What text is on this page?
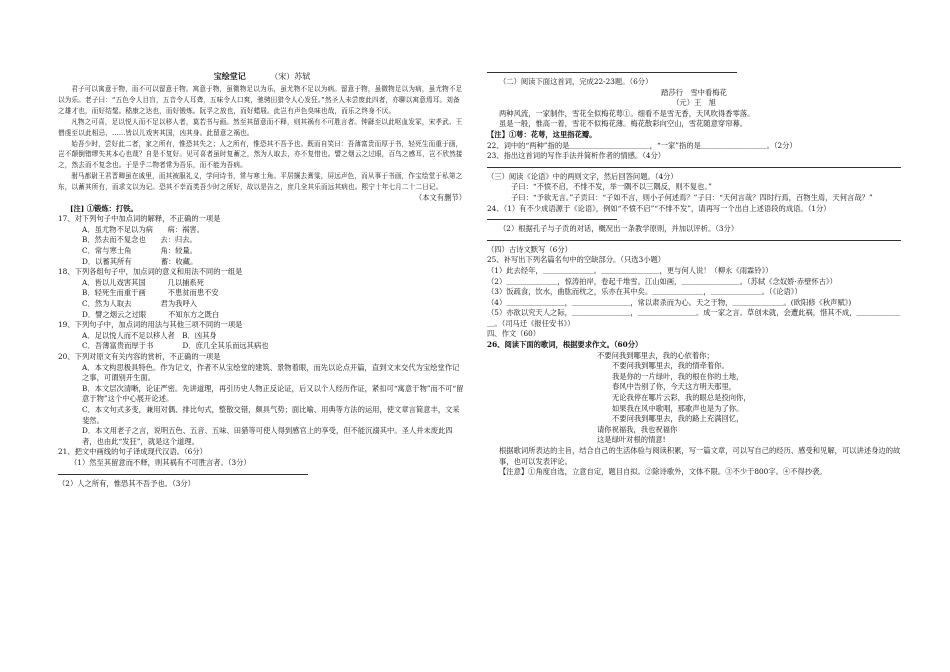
宝绘堂记	（宋）苏轼

君子可以寓意于物，而不可以留意于物。寓意于物，虽微物足以为乐，虽尤物不足以为病。留意于物，虽微物足以为病，虽尤物不足以为乐。老子曰：“五色令人目盲，五音令人耳聋，五味令人口爽，驰骋田猎令人心发狂。”然圣人未尝废此四者，亦聊以寓意焉耳。刘备之雄才也，而好结髦。嵇康之达也，而好锻炼。阮孚之放也，而好蜡屐。此岂有声色臭味也哉，而乐之终身不厌。

凡物之可喜，足以悦人而不足以移人者，莫若书与画。然至其留意而不释，则其祸有不可胜言者。钟繇至以此呕血发冢，宋孝武、王僧虔至以此相忌，……皆以儿戏害其国，凶其身。此留意之祸也。

始吾少时，尝好此二者，家之所有，惟恐其失之；人之所有，惟恐其不吾予也。既而自笑曰：吾薄富贵而厚于书，轻死生而重于画，岂不颠倒错缪失其本心也哉？自是不复好。见可喜者虽时复蓄之，然为人取去，亦不复惜也。譬之烟云之过眼，百鸟之感耳，岂不欣然接之，然去而不复念也。于是乎二物者常为吾乐，而不能为吾病。

驸马都尉王君晋卿虽在戚里，而其被服礼义，学问诗书，常与寒士角。平居攘去膏粱，屏远声色，而从事于书画，作宝绘堂于私第之东，以蓄其所有，而求文以为记。恐其不幸而类吾少时之所好，故以是告之，庶几全其乐而远其病也。熙宁十年七月二十二日记。

（本文有删节）

[注] ①锻炼：打铁。

17、对下列句子中加点词的解释，不正确的一项是

A．虽尤物不足以为病　　病：祸害。

B．然去而不复念也　　去：归去。

C．常与寒士角　　　　角：较量。

D．以蓄其所有　　　　蓄：收藏。

18、下列各组句子中，加点词的意义和用法不同的一组是

A．皆以儿戏害其国　　　几以捕系死

B．轻死生而重于画　　　不患贫而患不安

C．然为人取去　　　　君为我呼入

D．譬之烟云之过眼　　　不知东方之既白

19、下列句子中，加点词的用法与其他三项不同的一项是

A．足以悦人而不足以移人者　B．凶其身

C．吾薄富贵而厚于书　　　　D．庶几全其乐而远其病也

20、下列对原文有关内容的赏析，不正确的一项是

A．本文构思极具特色。作为记文，作者不从宝绘堂的建筑、景物着眼，而先以论点开篇，直到文末交代为宝绘堂作记之事，可谓别开生面。

B．本文层次清晰，论证严密。先讲道理，再引历史人物正反论证，后又以个人经历作证，紧扣可“寓意于物”而不可“留意于物”这个中心展开论述。

C．本文句式多变，兼用对偶、排比句式，整散交错，颇具气势；面比喻、用典等方法的运用，使文章言简意丰，文采斐然。

D．本文用老子之言，说明五色、五音、五味、田猎等可使人得到感官上的享受，但不能沉溺其中。圣人并未废此四者，也由此“发狂”，就是这个道理。

21、把文中画线的句子译成现代汉语。（6分）

（1）然至其留意而不释，则其祸有不可胜言者。（3分）

（2）人之所有，惟恐其不吾予也。（3分）

（二）阅读下面这首词，完成22-23题。（6分）

踏莎行　雪中看梅花

（元）王　旭

两种风流，一家制作，雪花全似梅花萼①。细看不是雪无香，天风吹得香零落。

虽是一般，惟高一着，雪花不似梅花薄。梅花散彩向空山，雪花随意穿帘幕。

【注】①萼：花萼，这里指花瓣。

22、词中的“两种”指的是＿＿＿＿＿＿＿＿＿＿＿，“一家”指的是＿＿＿＿＿＿＿＿＿。（2分）

23、指出这首词的写作手法并简析作者的情感。（4分）

（三）阅读《论语》中的两则文字，然后回答问题。（4分）

子曰：“不愤不启，不悱不发，举一隅不以三隅反，则不复也。”

子曰：“予欲无言。”子贡曰：“子如不言，则小子何述焉？”子曰：“天何言哉？四时行焉，百物生焉，天何言哉？”

24、（1）有不少成语源于《论语》，例如“不愤不启”“不悱不发”，请再写一个出自上述语段的成语。（1分）

（2）根据孔子与子贡的对话，概况出一条教学原则，并加以评析。（3分）

（四）古诗文默写（6分）

25、补写出下列名篇名句中的空缺部分。（只选3小题）

（1）此去经年，＿＿＿＿＿＿＿。＿＿＿＿＿＿＿＿，更与何人说！（柳永《雨霖铃》）

（2）＿＿＿＿＿＿＿，惊涛拍岸，卷起千堆雪。江山如画，＿＿＿＿＿＿＿＿。（苏轼《念奴娇·赤壁怀古》）

（3）饭疏食，饮水，曲肱而枕之，乐亦在其中矣。＿＿＿＿＿＿＿，＿＿＿＿＿＿＿。（《论语》）

（4）＿＿＿＿＿＿＿＿，＿＿＿＿＿＿＿＿，常以肃杀而为心。天之于物，＿＿＿＿＿＿＿。(欧阳修《秋声赋》)

（5）亦欲以究天人之际，＿＿＿＿＿＿＿＿，＿＿＿＿＿＿＿＿。成一家之言。草创未就，会遭此祸，惜其不成，＿＿＿＿＿＿＿。（司马迁《报任安书》）

四、作文（60）

26、阅读下面的歌词，根据要求作文。（60分）

不要问我到哪里去，我的心依着你；

不要问我到哪里去，我的情牵着你。

我是你的一片绿叶，我的根在你的土地，

春风中告别了你，今天这方明天那里，

无论我停在哪片云彩，我的眼总是投向你，

如果我在风中歌唱，那歌声也是为了你。

不要问我到哪里去，我的路上充满回忆，

请你祝福我，我也祝福你

这是绿叶对根的情意!

根据歌词所表达的主旨，结合自己的生活体验与阅读积累，写一篇文章，可以写自己的经历、感受和见解，可以讲述身边的故事，也可以发表评论。

【注意】①角度自选，立意自定，题目自拟。②除诗歌外，文体不限。③不少于800字。④不得抄袭。
